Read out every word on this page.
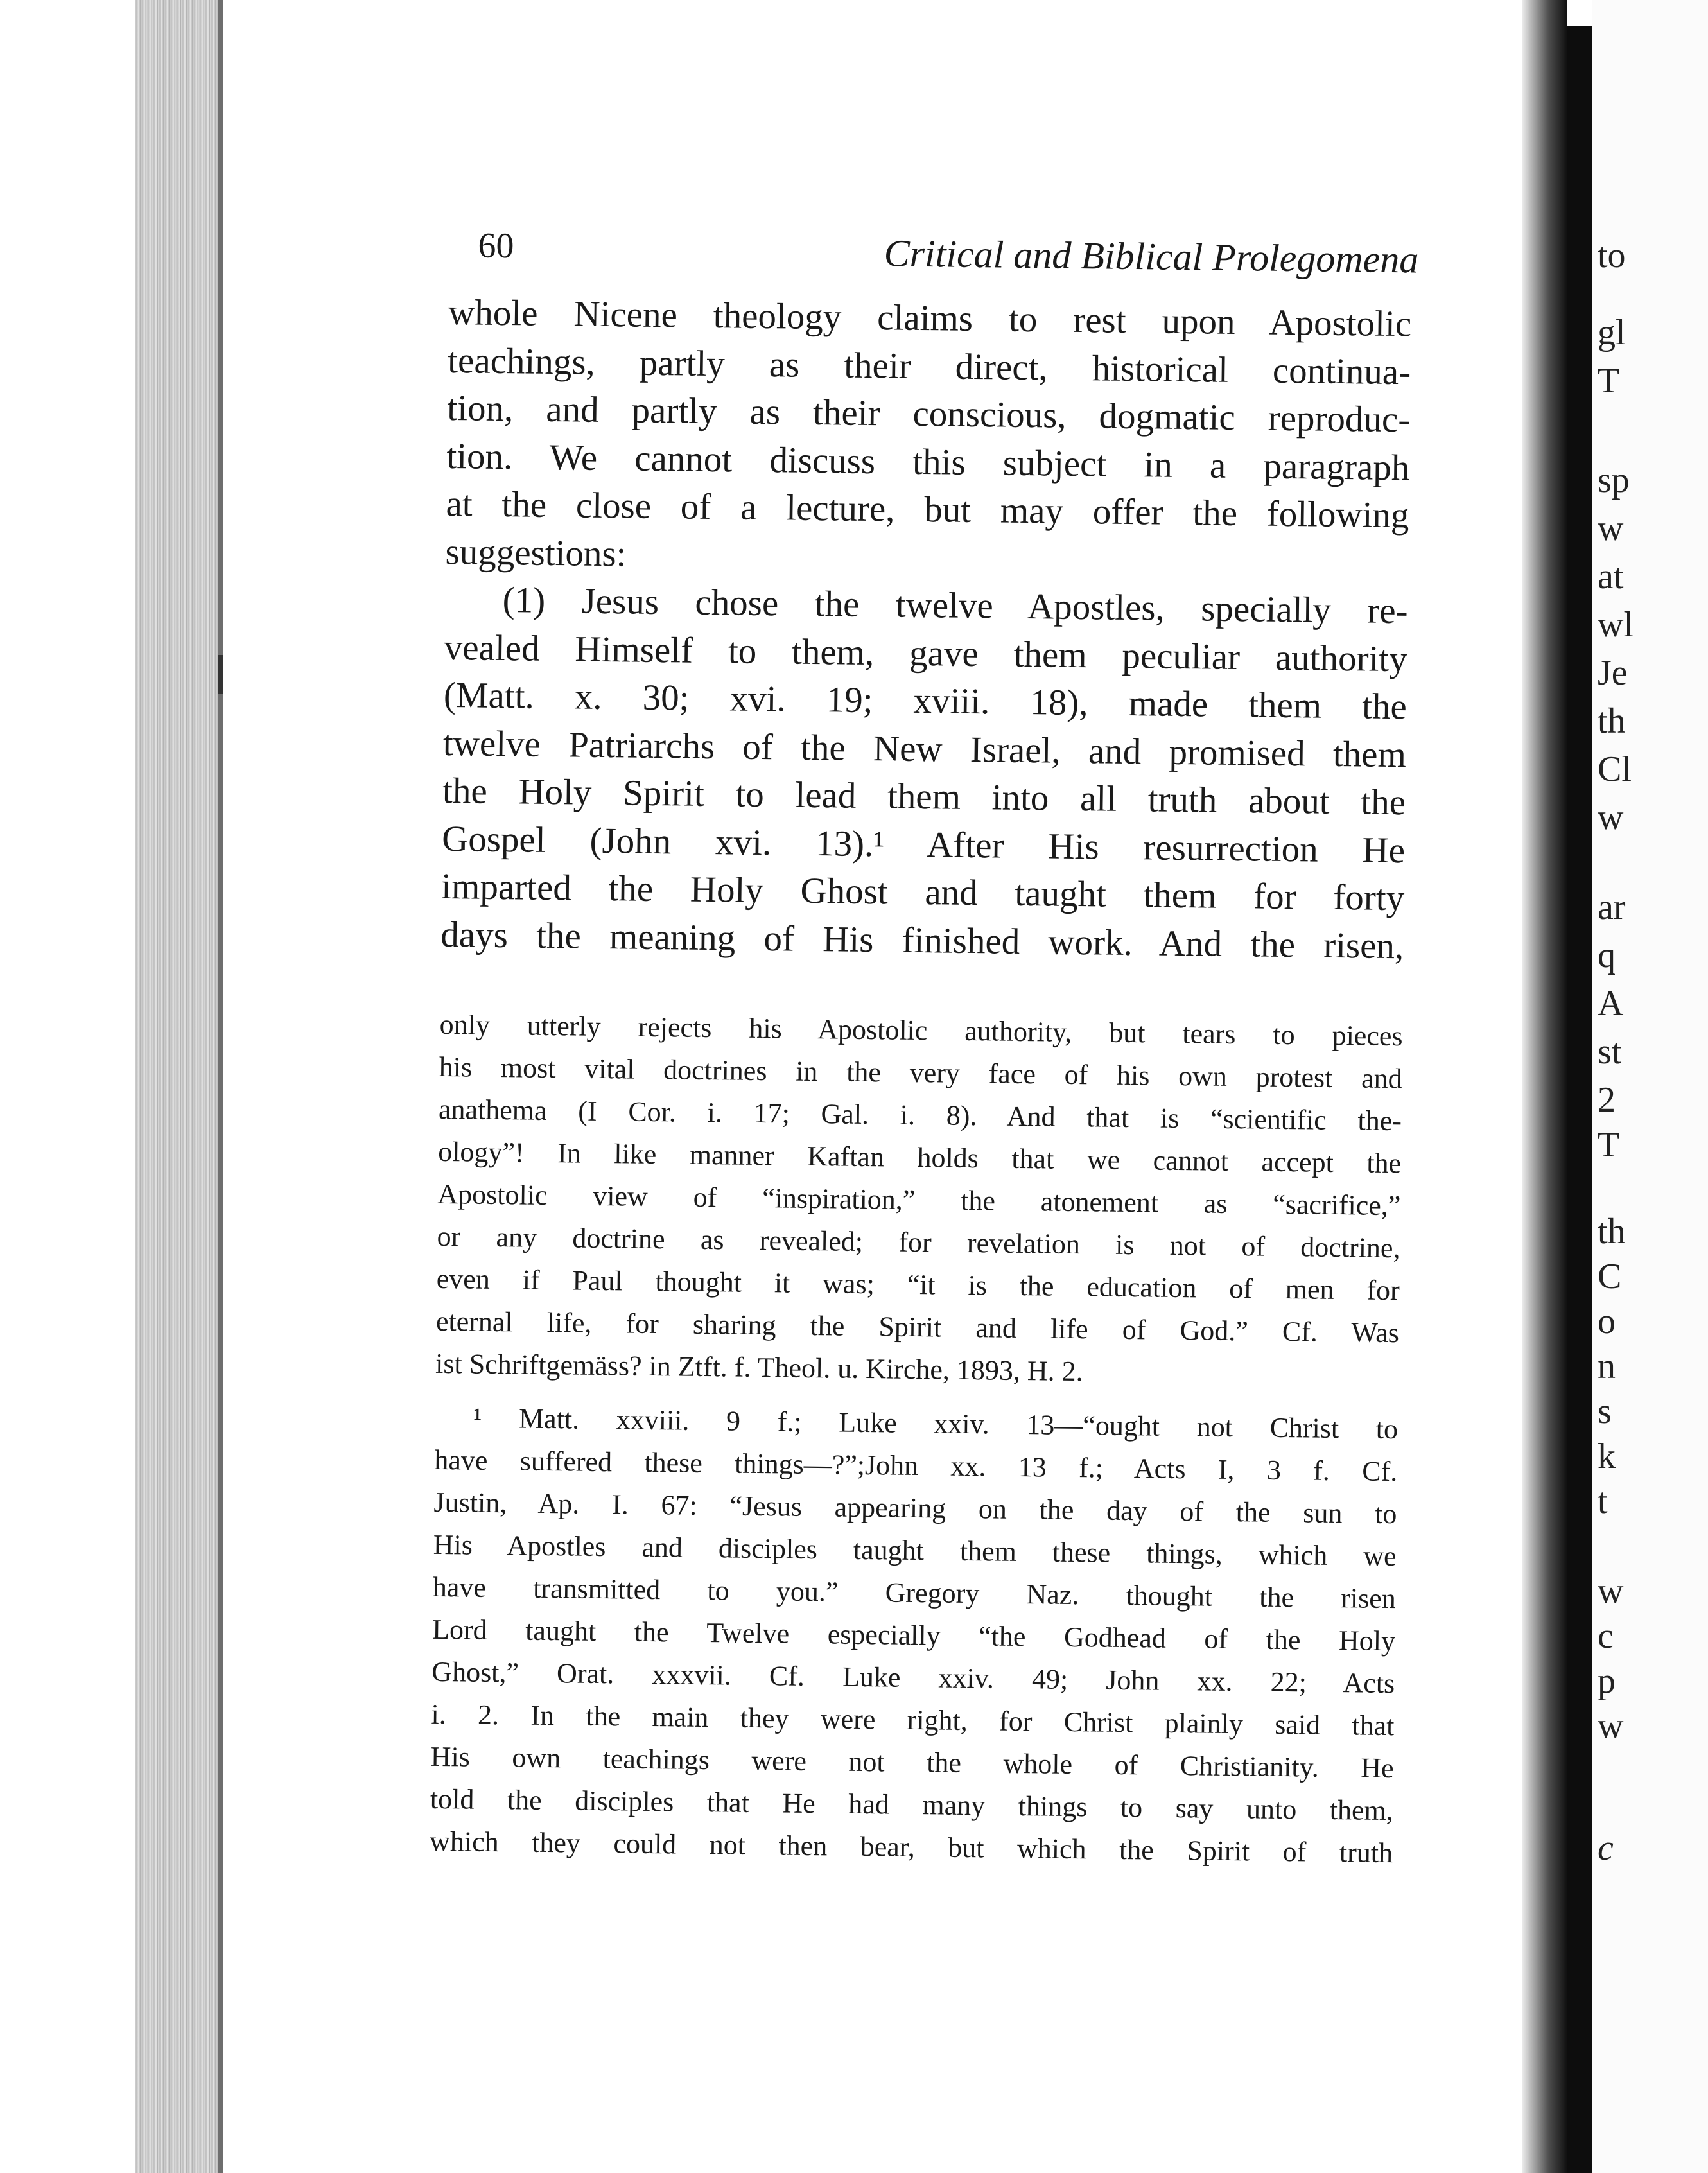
to
gl
T
sp
w
at
wl
Je
th
Cl
w
ar
q
A
st
2
T
th
C
o
n
s
k
t
w
c
p
w
c
60	Critical and Biblical Prolegomena
whole Nicene theology claims to rest upon Apostolic
teachings, partly as their direct, historical continua-
tion, and partly as their conscious, dogmatic reproduc-
tion. We cannot discuss this subject in a paragraph
at the close of a lecture, but may offer the following
suggestions:
(1) Jesus chose the twelve Apostles, specially re-
vealed Himself to them, gave them peculiar authority
(Matt. x. 30; xvi. 19; xviii. 18), made them the
twelve Patriarchs of the New Israel, and promised them
the Holy Spirit to lead them into all truth about the
Gospel (John xvi. 13).¹ After His resurrection He
imparted the Holy Ghost and taught them for forty
days the meaning of His finished work. And the risen,
only utterly rejects his Apostolic authority, but tears to pieces
his most vital doctrines in the very face of his own protest and
anathema (I Cor. i. 17; Gal. i. 8). And that is “scientific the-
ology”! In like manner Kaftan holds that we cannot accept the
Apostolic view of “inspiration,” the atonement as “sacrifice,”
or any doctrine as revealed; for revelation is not of doctrine,
even if Paul thought it was; “it is the education of men for
eternal life, for sharing the Spirit and life of God.” Cf. Was
ist Schriftgemäss? in Ztft. f. Theol. u. Kirche, 1893, H. 2.
¹ Matt. xxviii. 9 f.; Luke xxiv. 13—“ought not Christ to
have suffered these things—?”;John xx. 13 f.; Acts I, 3 f. Cf.
Justin, Ap. I. 67: “Jesus appearing on the day of the sun to
His Apostles and disciples taught them these things, which we
have transmitted to you.” Gregory Naz. thought the risen
Lord taught the Twelve especially “the Godhead of the Holy
Ghost,” Orat. xxxvii. Cf. Luke xxiv. 49; John xx. 22; Acts
i. 2. In the main they were right, for Christ plainly said that
His own teachings were not the whole of Christianity. He
told the disciples that He had many things to say unto them,
which they could not then bear, but which the Spirit of truth
